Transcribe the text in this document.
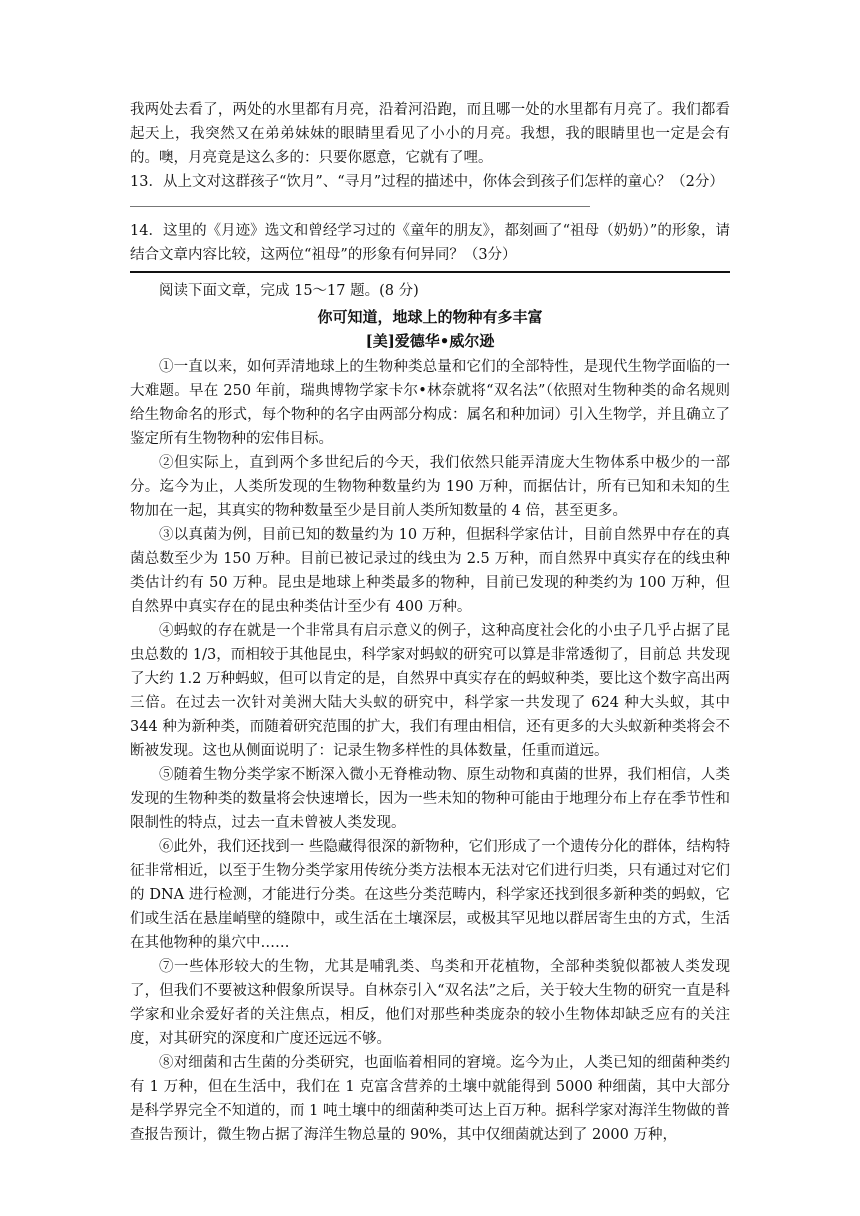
我两处去看了，两处的水里都有月亮，沿着河沿跑，而且哪一处的水里都有月亮了。我们都看起天上，我突然又在弟弟妹妹的眼睛里看见了小小的月亮。我想，我的眼睛里也一定是会有的。噢，月亮竟是这么多的：只要你愿意，它就有了哩。

13．从上文对这群孩子“饮月”、“寻月”过程的描述中，你体会到孩子们怎样的童心？（2分）

14．这里的《月迹》选文和曾经学习过的《童年的朋友》，都刻画了“祖母（奶奶）”的形象，请结合文章内容比较，这两位“祖母”的形象有何异同？（3分）

阅读下面文章，完成 15～17 题。(8 分)

你可知道，地球上的物种有多丰富

[美]爱德华•威尔逊

①一直以来，如何弄清地球上的生物种类总量和它们的全部特性，是现代生物学面临的一大难题。早在 250 年前，瑞典博物学家卡尔•林奈就将“双名法”（依照对生物种类的命名规则给生物命名的形式，每个物种的名字由两部分构成：属名和种加词）引入生物学，并且确立了鉴定所有生物物种的宏伟目标。

②但实际上，直到两个多世纪后的今天，我们依然只能弄清庞大生物体系中极少的一部分。迄今为止，人类所发现的生物物种数量约为 190 万种，而据估计，所有已知和未知的生物加在一起，其真实的物种数量至少是目前人类所知数量的 4 倍，甚至更多。

③以真菌为例，目前已知的数量约为 10 万种，但据科学家估计，目前自然界中存在的真菌总数至少为 150 万种。目前已被记录过的线虫为 2.5 万种，而自然界中真实存在的线虫种类估计约有 50 万种。昆虫是地球上种类最多的物种，目前已发现的种类约为 100 万种，但自然界中真实存在的昆虫种类估计至少有 400 万种。

④蚂蚁的存在就是一个非常具有启示意义的例子，这种高度社会化的小虫子几乎占据了昆虫总数的 1/3，而相较于其他昆虫，科学家对蚂蚁的研究可以算是非常透彻了，目前总 共发现了大约 1.2 万种蚂蚁，但可以肯定的是，自然界中真实存在的蚂蚁种类，要比这个数字高出两三倍。在过去一次针对美洲大陆大头蚁的研究中，科学家一共发现了 624 种大头蚁，其中 344 种为新种类，而随着研究范围的扩大，我们有理由相信，还有更多的大头蚁新种类将会不断被发现。这也从侧面说明了：记录生物多样性的具体数量，任重而道远。

⑤随着生物分类学家不断深入微小无脊椎动物、原生动物和真菌的世界，我们相信，人类发现的生物种类的数量将会快速增长，因为一些未知的物种可能由于地理分布上存在季节性和限制性的特点，过去一直未曾被人类发现。

⑥此外，我们还找到一 些隐藏得很深的新物种，它们形成了一个遗传分化的群体，结构特征非常相近，以至于生物分类学家用传统分类方法根本无法对它们进行归类，只有通过对它们的 DNA 进行检测，才能进行分类。在这些分类范畴内，科学家还找到很多新种类的蚂蚁，它们或生活在悬崖峭壁的缝隙中，或生活在土壤深层，或极其罕见地以群居寄生虫的方式，生活在其他物种的巢穴中……

⑦一些体形较大的生物，尤其是哺乳类、鸟类和开花植物，全部种类貌似都被人类发现了，但我们不要被这种假象所误导。自林奈引入“双名法”之后，关于较大生物的研究一直是科学家和业余爱好者的关注焦点，相反，他们对那些种类庞杂的较小生物体却缺乏应有的关注度，对其研究的深度和广度还远远不够。

⑧对细菌和古生菌的分类研究，也面临着相同的窘境。迄今为止，人类已知的细菌种类约有 1 万种，但在生活中，我们在 1 克富含营养的土壤中就能得到 5000 种细菌，其中大部分是科学界完全不知道的，而 1 吨土壤中的细菌种类可达上百万种。据科学家对海洋生物做的普查报告预计，微生物占据了海洋生物总量的 90%，其中仅细菌就达到了 2000 万种，
